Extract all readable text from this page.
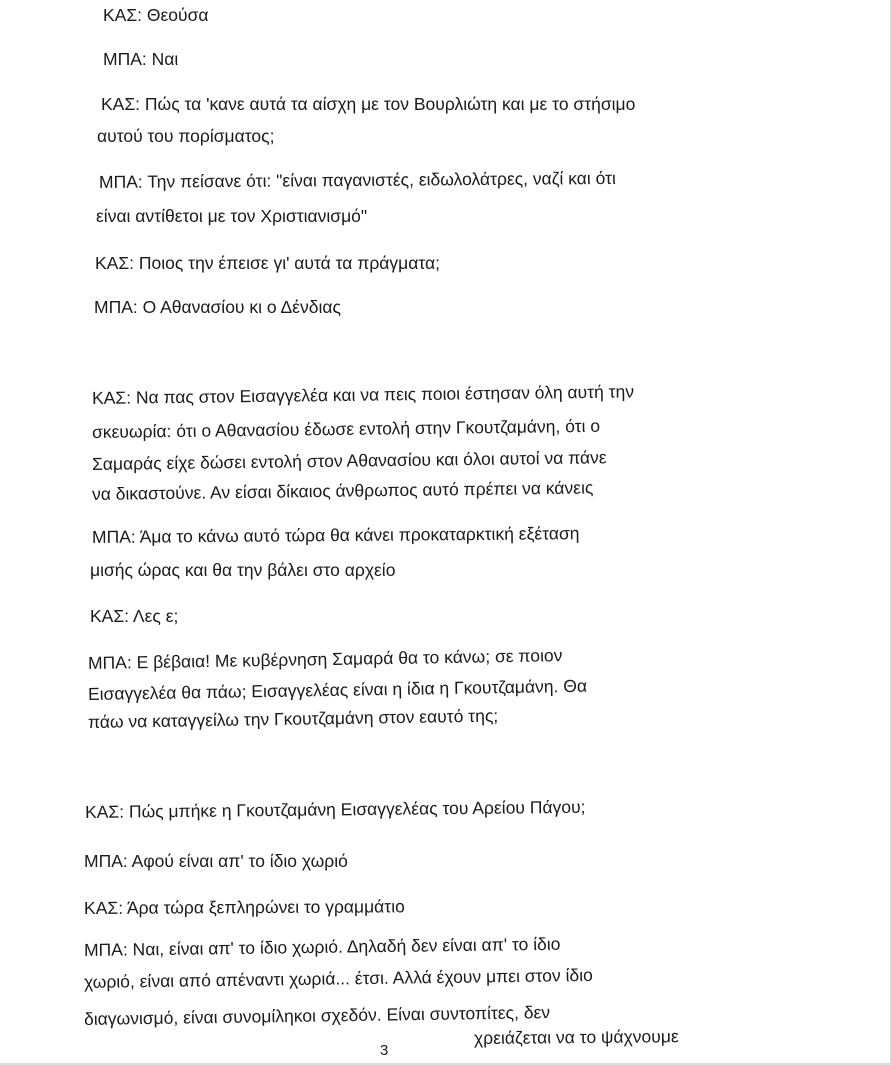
ΚΑΣ: Θεούσα
ΜΠΑ: Ναι
ΚΑΣ: Πώς τα 'κανε αυτά τα αίσχη με τον Βουρλιώτη και με το στήσιμο
αυτού του πορίσματος;
ΜΠΑ: Την πείσανε ότι: "είναι παγανιστές, ειδωλολάτρες, ναζί και ότι
είναι αντίθετοι με τον Χριστιανισμό"
ΚΑΣ: Ποιος την έπεισε γι' αυτά τα πράγματα;
ΜΠΑ: Ο Αθανασίου κι ο Δένδιας
ΚΑΣ: Να πας στον Εισαγγελέα και να πεις ποιοι έστησαν όλη αυτή την
σκευωρία: ότι ο Αθανασίου έδωσε εντολή στην Γκουτζαμάνη, ότι ο
Σαμαράς είχε δώσει εντολή στον Αθανασίου και όλοι αυτοί να πάνε
να δικαστούνε. Αν είσαι δίκαιος άνθρωπος αυτό πρέπει να κάνεις
ΜΠΑ: Άμα το κάνω αυτό τώρα θα κάνει προκαταρκτική εξέταση
μισής ώρας και θα την βάλει στο αρχείο
ΚΑΣ: Λες ε;
ΜΠΑ: Ε βέβαια! Με κυβέρνηση Σαμαρά θα το κάνω; σε ποιον
Εισαγγελέα θα πάω; Εισαγγελέας είναι η ίδια η Γκουτζαμάνη. Θα
πάω να καταγγείλω την Γκουτζαμάνη στον εαυτό της;
ΚΑΣ: Πώς μπήκε η Γκουτζαμάνη Εισαγγελέας του Αρείου Πάγου;
ΜΠΑ: Αφού είναι απ' το ίδιο χωριό
ΚΑΣ: Άρα τώρα ξεπληρώνει το γραμμάτιο
ΜΠΑ: Ναι, είναι απ' το ίδιο χωριό. Δηλαδή δεν είναι απ' το ίδιο
χωριό, είναι από απέναντι χωριά... έτσι. Αλλά έχουν μπει στον ίδιο
διαγωνισμό, είναι συνομίληκοι σχεδόν. Είναι συντοπίτες, δεν
χρειάζεται να το ψάχνουμε
3
